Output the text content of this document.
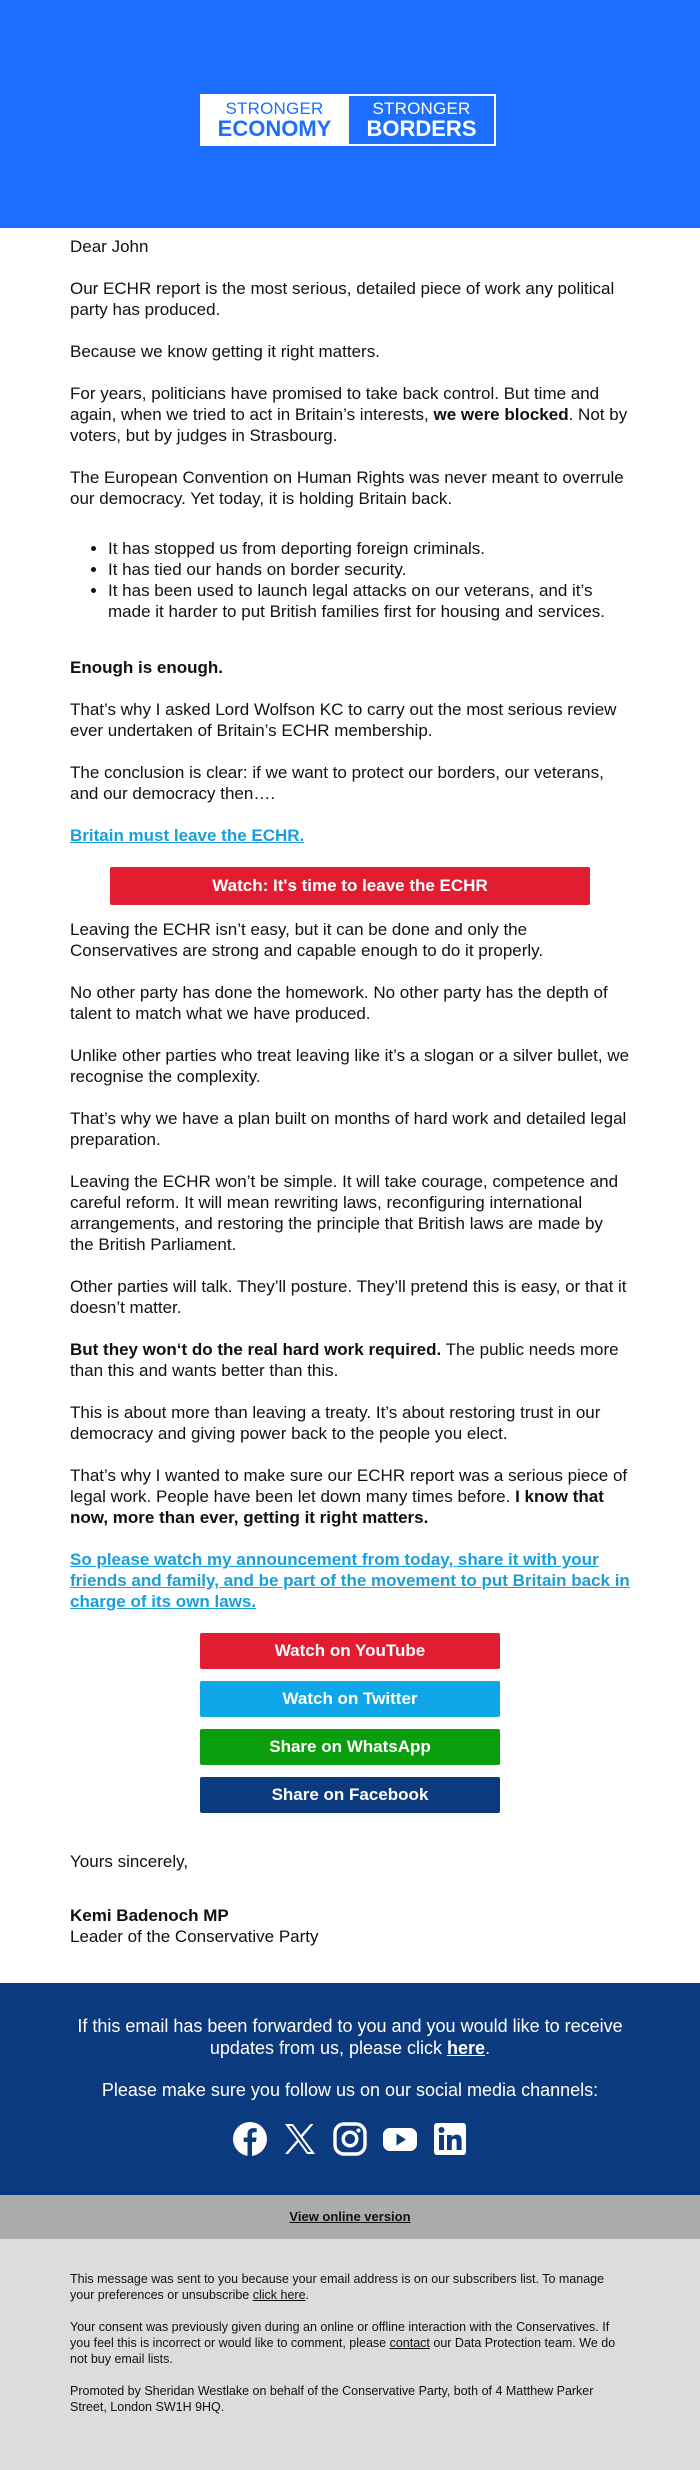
STRONGER
ECONOMY
STRONGER
BORDERS

Dear John

Our ECHR report is the most serious, detailed piece of work any political party has produced.

Because we know getting it right matters.

For years, politicians have promised to take back control. But time and again, when we tried to act in Britain’s interests, we were blocked. Not by voters, but by judges in Strasbourg.

The European Convention on Human Rights was never meant to overrule our democracy. Yet today, it is holding Britain back.

• It has stopped us from deporting foreign criminals.
• It has tied our hands on border security.
• It has been used to launch legal attacks on our veterans, and it’s made it harder to put British families first for housing and services.

Enough is enough.

That’s why I asked Lord Wolfson KC to carry out the most serious review ever undertaken of Britain’s ECHR membership.

The conclusion is clear: if we want to protect our borders, our veterans, and our democracy then….

Britain must leave the ECHR.

Watch: It's time to leave the ECHR

Leaving the ECHR isn’t easy, but it can be done and only the Conservatives are strong and capable enough to do it properly.

No other party has done the homework. No other party has the depth of talent to match what we have produced.

Unlike other parties who treat leaving like it’s a slogan or a silver bullet, we recognise the complexity.

That’s why we have a plan built on months of hard work and detailed legal preparation.

Leaving the ECHR won’t be simple. It will take courage, competence and careful reform. It will mean rewriting laws, reconfiguring international arrangements, and restoring the principle that British laws are made by the British Parliament.

Other parties will talk. They’ll posture. They’ll pretend this is easy, or that it doesn’t matter.

But they won‘t do the real hard work required. The public needs more than this and wants better than this.

This is about more than leaving a treaty. It’s about restoring trust in our democracy and giving power back to the people you elect.

That’s why I wanted to make sure our ECHR report was a serious piece of legal work. People have been let down many times before. I know that now, more than ever, getting it right matters.

So please watch my announcement from today, share it with your friends and family, and be part of the movement to put Britain back in charge of its own laws.

Watch on YouTube
Watch on Twitter
Share on WhatsApp
Share on Facebook

Yours sincerely,

Kemi Badenoch MP
Leader of the Conservative Party

If this email has been forwarded to you and you would like to receive updates from us, please click here.

Please make sure you follow us on our social media channels:

View online version

This message was sent to you because your email address is on our subscribers list. To manage your preferences or unsubscribe click here.

Your consent was previously given during an online or offline interaction with the Conservatives. If you feel this is incorrect or would like to comment, please contact our Data Protection team. We do not buy email lists.

Promoted by Sheridan Westlake on behalf of the Conservative Party, both of 4 Matthew Parker Street, London SW1H 9HQ.
